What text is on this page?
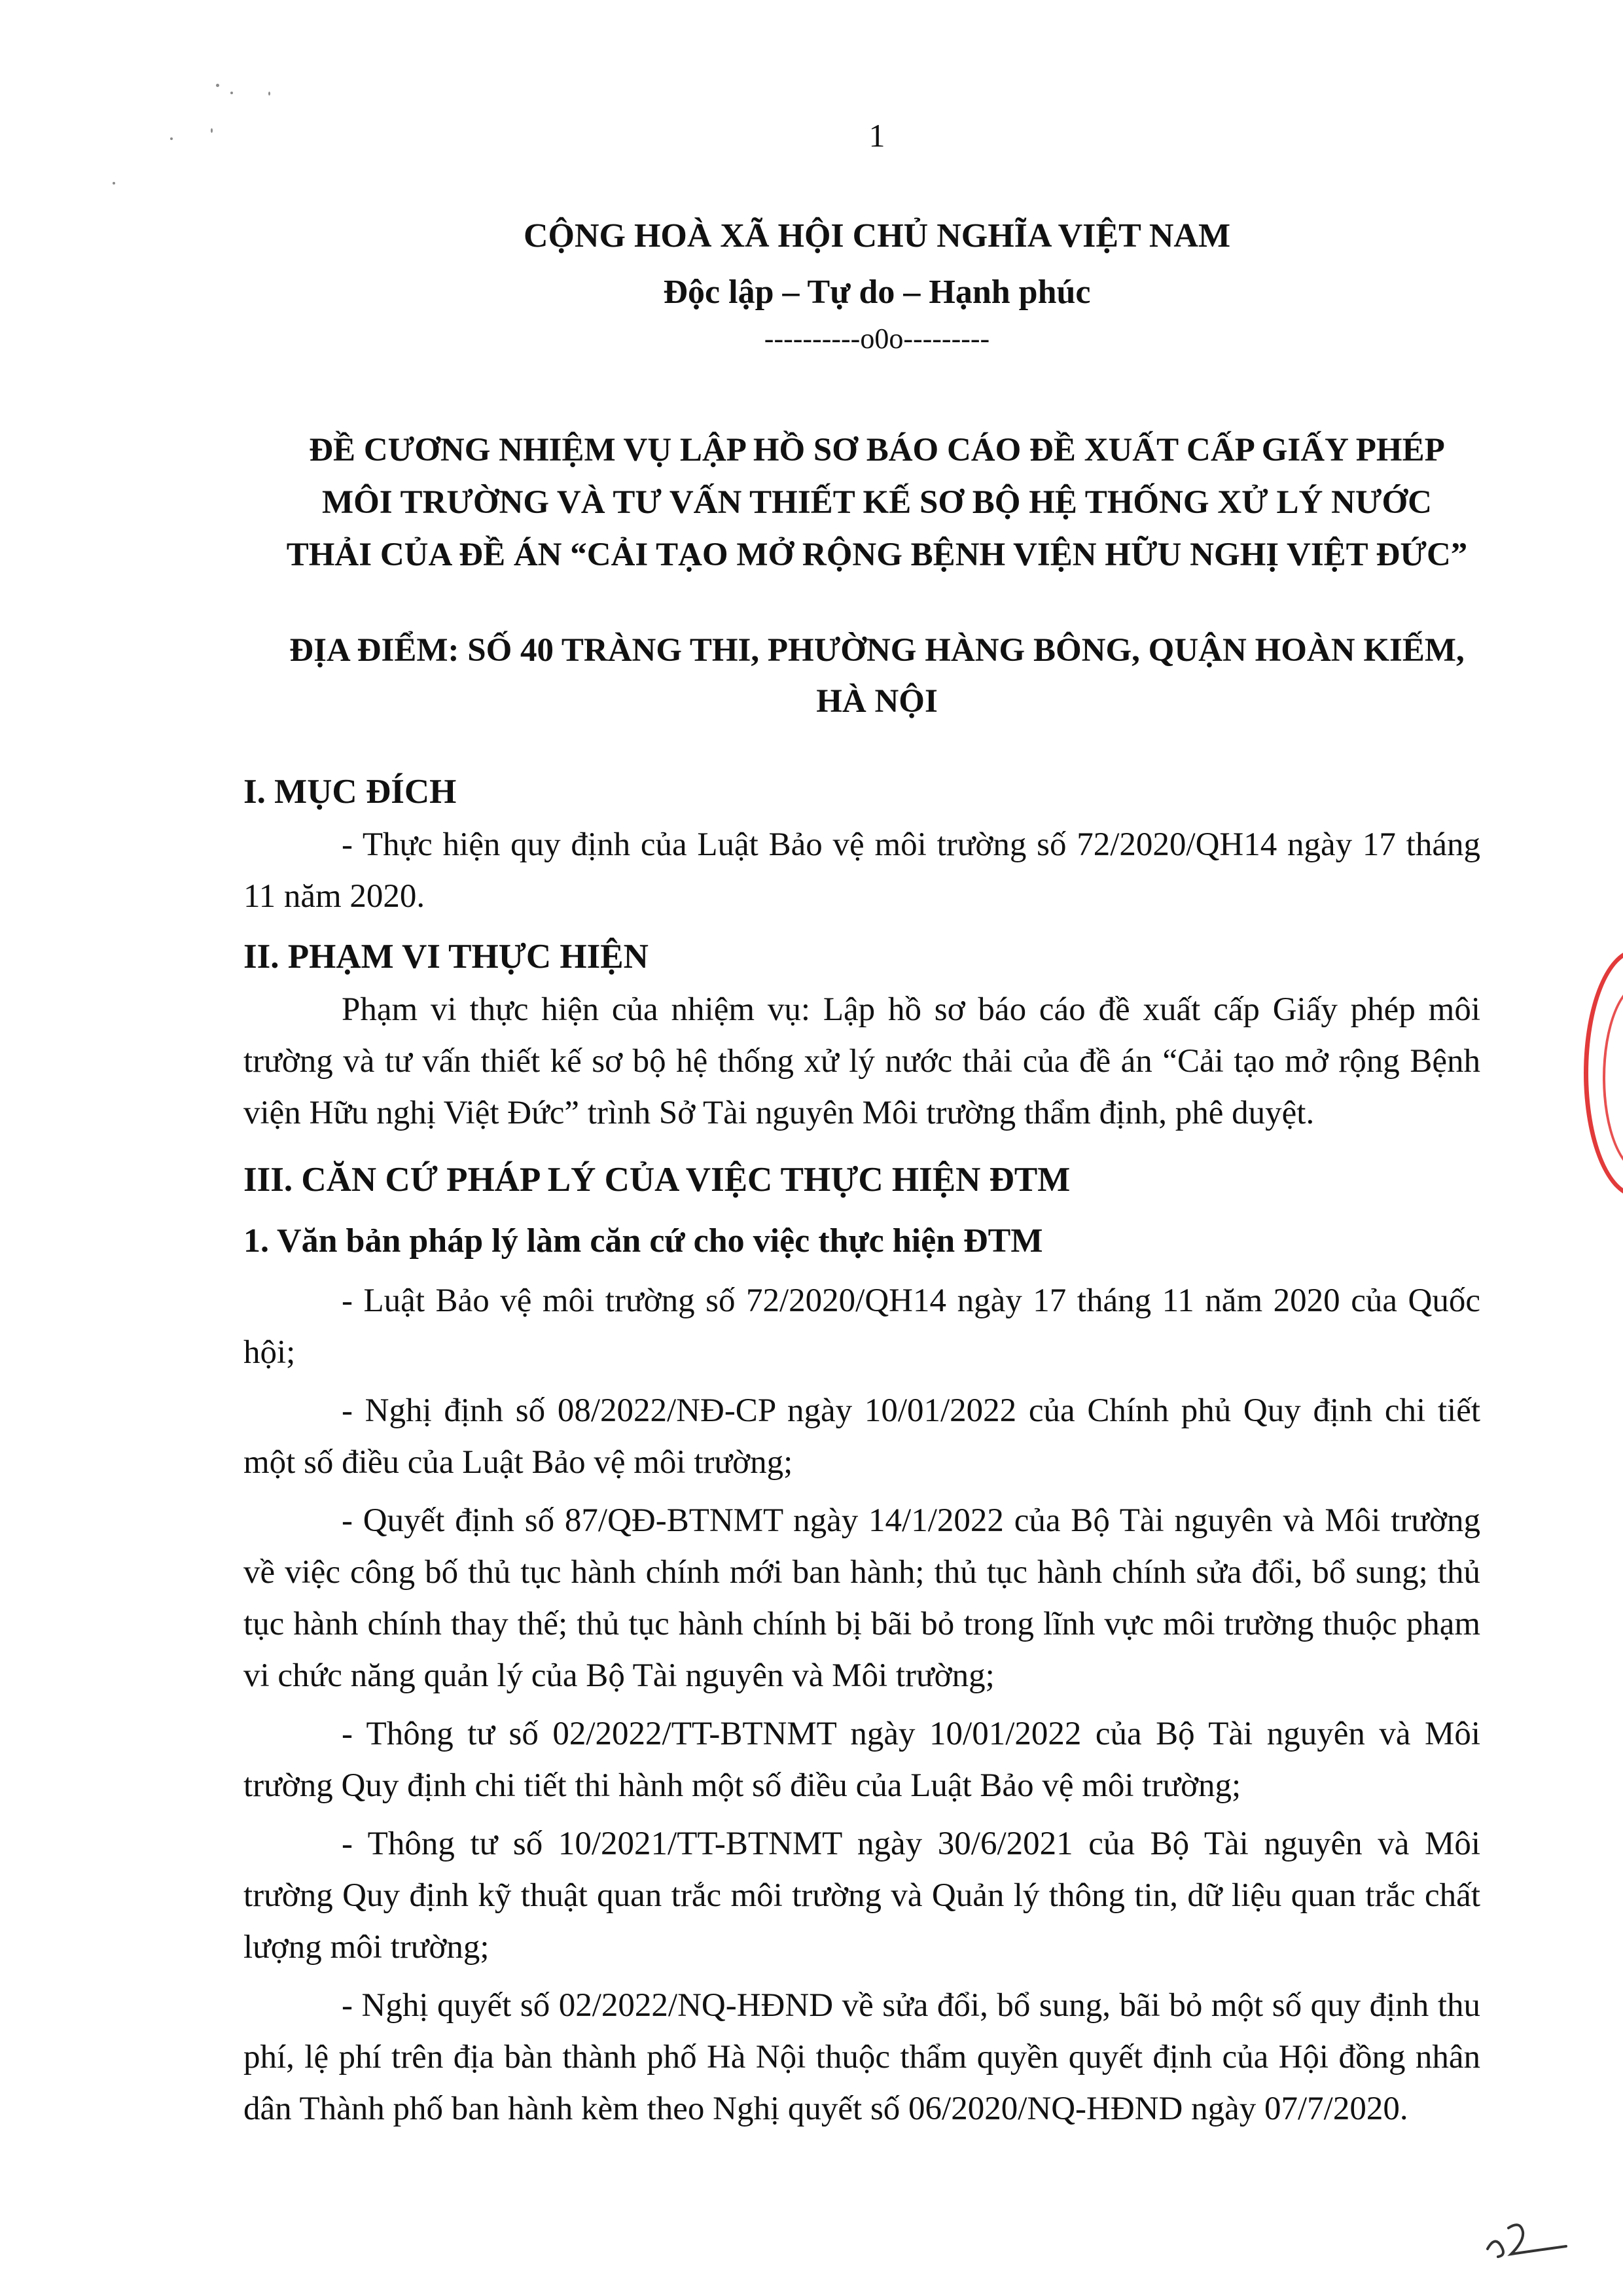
1
CỘNG HOÀ XÃ HỘI CHỦ NGHĨA VIỆT NAM
Độc lập – Tự do – Hạnh phúc
----------o0o---------
ĐỀ CƯƠNG NHIỆM VỤ LẬP HỒ SƠ BÁO CÁO ĐỀ XUẤT CẤP GIẤY PHÉP
MÔI TRƯỜNG VÀ TƯ VẤN THIẾT KẾ SƠ BỘ HỆ THỐNG XỬ LÝ NƯỚC
THẢI CỦA ĐỀ ÁN “CẢI TẠO MỞ RỘNG BỆNH VIỆN HỮU NGHỊ VIỆT ĐỨC”
ĐỊA ĐIỂM: SỐ 40 TRÀNG THI, PHƯỜNG HÀNG BÔNG, QUẬN HOÀN KIẾM,
HÀ NỘI
I. MỤC ĐÍCH

- Thực hiện quy định của Luật Bảo vệ môi trường số 72/2020/QH14 ngày 17 tháng 11 năm 2020.

II. PHẠM VI THỰC HIỆN

Phạm vi thực hiện của nhiệm vụ: Lập hồ sơ báo cáo đề xuất cấp Giấy phép môi trường và tư vấn thiết kế sơ bộ hệ thống xử lý nước thải của đề án “Cải tạo mở rộng Bệnh viện Hữu nghị Việt Đức” trình Sở Tài nguyên Môi trường thẩm định, phê duyệt.

III. CĂN CỨ PHÁP LÝ CỦA VIỆC THỰC HIỆN ĐTM
1. Văn bản pháp lý làm căn cứ cho việc thực hiện ĐTM

- Luật Bảo vệ môi trường số 72/2020/QH14 ngày 17 tháng 11 năm 2020 của Quốc hội;

- Nghị định số 08/2022/NĐ-CP ngày 10/01/2022 của Chính phủ Quy định chi tiết một số điều của Luật Bảo vệ môi trường;

- Quyết định số 87/QĐ-BTNMT ngày 14/1/2022 của Bộ Tài nguyên và Môi trường về việc công bố thủ tục hành chính mới ban hành; thủ tục hành chính sửa đổi, bổ sung; thủ tục hành chính thay thế; thủ tục hành chính bị bãi bỏ trong lĩnh vực môi trường thuộc phạm vi chức năng quản lý của Bộ Tài nguyên và Môi trường;

- Thông tư số 02/2022/TT-BTNMT ngày 10/01/2022 của Bộ Tài nguyên và Môi trường Quy định chi tiết thi hành một số điều của Luật Bảo vệ môi trường;

- Thông tư số 10/2021/TT-BTNMT ngày 30/6/2021 của Bộ Tài nguyên và Môi trường Quy định kỹ thuật quan trắc môi trường và Quản lý thông tin, dữ liệu quan trắc chất lượng môi trường;

- Nghị quyết số 02/2022/NQ-HĐND về sửa đổi, bổ sung, bãi bỏ một số quy định thu phí, lệ phí trên địa bàn thành phố Hà Nội thuộc thẩm quyền quyết định của Hội đồng nhân dân Thành phố ban hành kèm theo Nghị quyết số 06/2020/NQ-HĐND ngày 07/7/2020.
